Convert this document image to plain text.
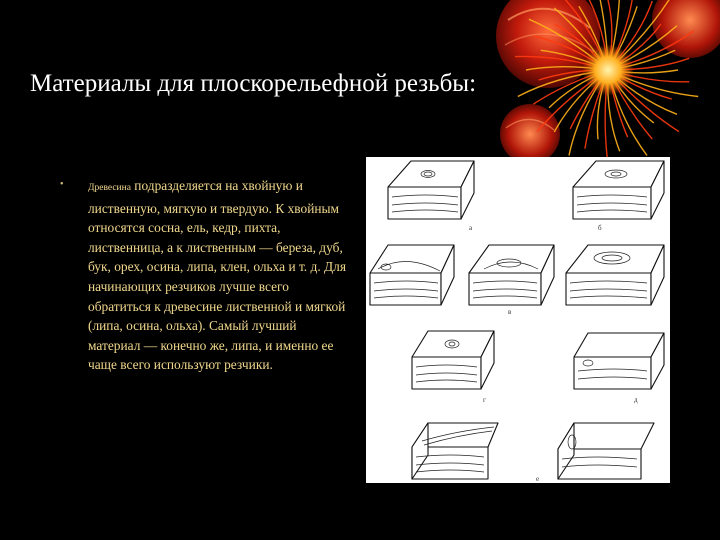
Материалы для плоскорельефной резьбы:
•	Древесина подразделяется на хвойную и лиственную, мягкую и твердую. К хвойным относятся сосна, ель, кедр, пихта, лиственница, а к лиственным — береза, дуб, бук, орех, осина, липа, клен, ольха и т. д. Для начинающих резчиков лучше всего обратиться к древесине лиственной и мягкой (липа, осина, ольха). Самый лучший материал — конечно же, липа, и именно ее чаще всего используют резчики.
а	б
в
г	д
е
